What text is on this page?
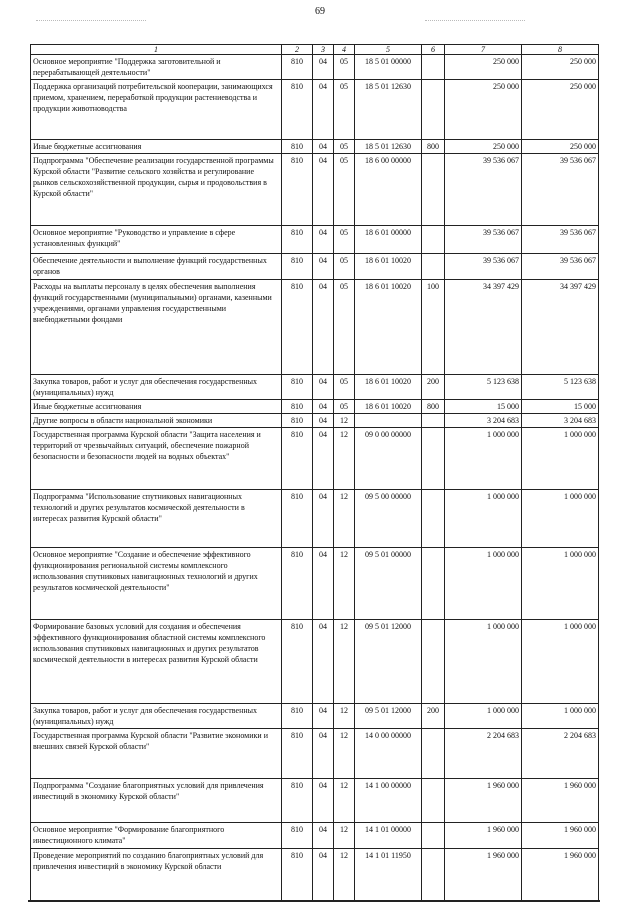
69
1	2	3	4	5	6	7	8
Основное мероприятие "Поддержка заготовительной и перерабатывающей деятельности"	810	04	05	18 5 01 00000		250 000	250 000
Поддержка организаций потребительской кооперации, занимающихся приемом, хранением, переработкой продукции растениеводства и продукции животноводства	810	04	05	18 5 01 12630		250 000	250 000
Иные бюджетные ассигнования	810	04	05	18 5 01 12630	800	250 000	250 000
Подпрограмма "Обеспечение реализации государственной программы Курской области "Развитие сельского хозяйства и регулирование рынков сельскохозяйственной продукции, сырья и продовольствия в Курской области"	810	04	05	18 6 00 00000		39 536 067	39 536 067
Основное мероприятие "Руководство и управление в сфере установленных функций"	810	04	05	18 6 01 00000		39 536 067	39 536 067
Обеспечение деятельности и выполнение функций государственных органов	810	04	05	18 6 01 10020		39 536 067	39 536 067
Расходы на выплаты персоналу в целях обеспечения выполнения функций государственными (муниципальными) органами, казенными учреждениями, органами управления государственными внебюджетными фондами	810	04	05	18 6 01 10020	100	34 397 429	34 397 429
Закупка товаров, работ и услуг для обеспечения государственных (муниципальных) нужд	810	04	05	18 6 01 10020	200	5 123 638	5 123 638
Иные бюджетные ассигнования	810	04	05	18 6 01 10020	800	15 000	15 000
Другие вопросы в области национальной экономики	810	04	12			3 204 683	3 204 683
Государственная программа Курской области "Защита населения и территорий от чрезвычайных ситуаций, обеспечение пожарной безопасности и безопасности людей на водных объектах"	810	04	12	09 0 00 00000		1 000 000	1 000 000
Подпрограмма "Использование спутниковых навигационных технологий и других результатов космической деятельности в интересах развития Курской области"	810	04	12	09 5 00 00000		1 000 000	1 000 000
Основное мероприятие "Создание и обеспечение эффективного функционирования региональной системы комплексного использования спутниковых навигационных технологий и других результатов космической деятельности"	810	04	12	09 5 01 00000		1 000 000	1 000 000
Формирование базовых условий для создания и обеспечения эффективного функционирования областной системы комплексного использования спутниковых навигационных и других результатов космической деятельности в интересах развития Курской области	810	04	12	09 5 01 12000		1 000 000	1 000 000
Закупка товаров, работ и услуг для обеспечения государственных (муниципальных) нужд	810	04	12	09 5 01 12000	200	1 000 000	1 000 000
Государственная программа Курской области "Развитие экономики и внешних связей Курской области"	810	04	12	14 0 00 00000		2 204 683	2 204 683
Подпрограмма "Создание благоприятных условий для привлечения инвестиций в экономику Курской области"	810	04	12	14 1 00 00000		1 960 000	1 960 000
Основное мероприятие "Формирование благоприятного инвестиционного климата"	810	04	12	14 1 01 00000		1 960 000	1 960 000
Проведение мероприятий по созданию благоприятных условий для привлечения инвестиций в экономику Курской области	810	04	12	14 1 01 11950		1 960 000	1 960 000
